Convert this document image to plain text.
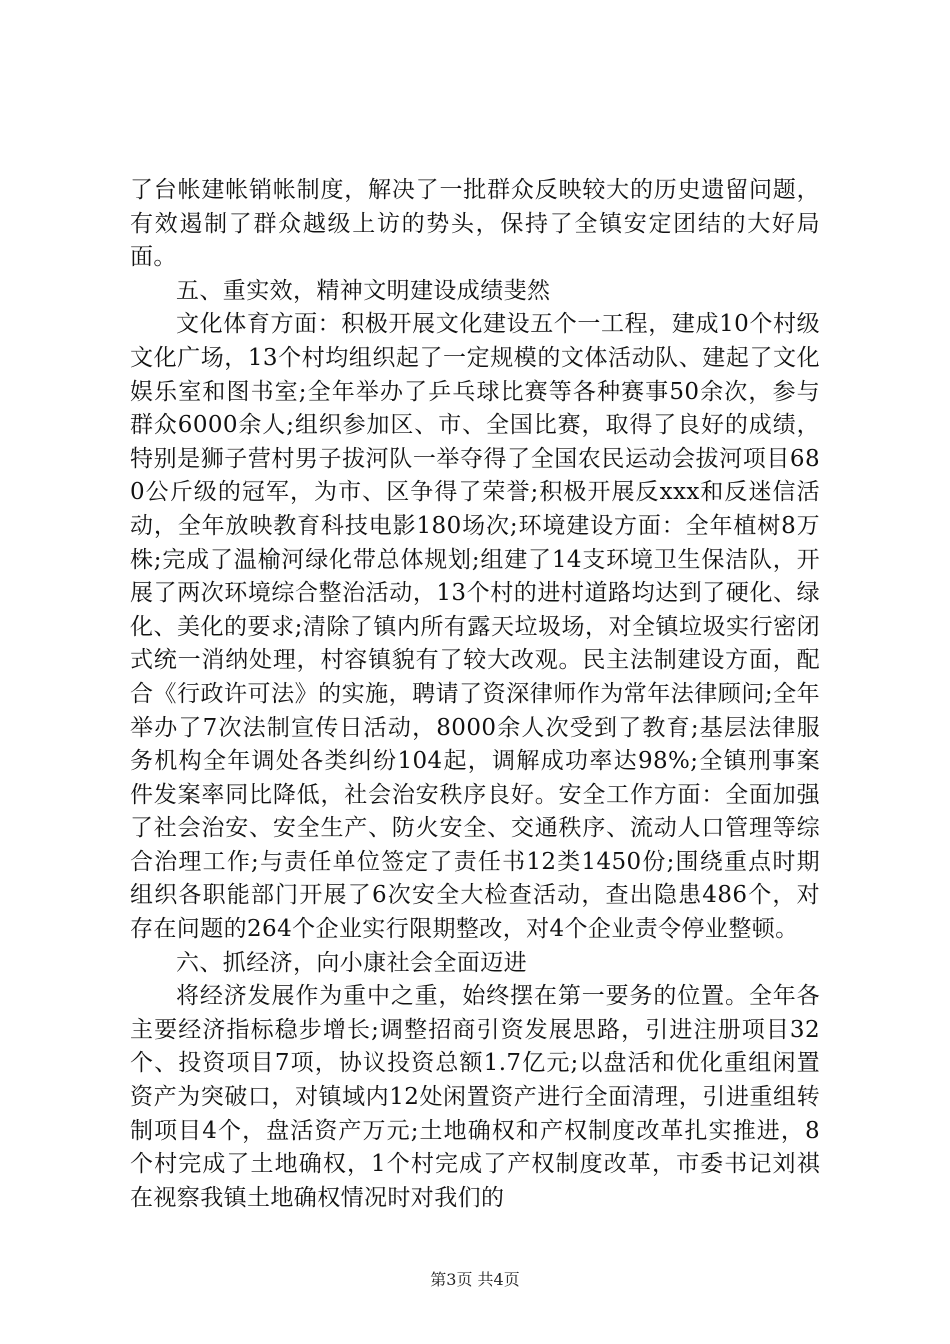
了台帐建帐销帐制度，解决了一批群众反映较大的历史遗留问题，有效遏制了群众越级上访的势头，保持了全镇安定团结的大好局面。

五、重实效，精神文明建设成绩斐然

文化体育方面：积极开展文化建设五个一工程，建成10个村级文化广场，13个村均组织起了一定规模的文体活动队、建起了文化娱乐室和图书室;全年举办了乒乓球比赛等各种赛事50余次，参与群众6000余人;组织参加区、市、全国比赛，取得了良好的成绩，特别是狮子营村男子拔河队一举夺得了全国农民运动会拔河项目680公斤级的冠军，为市、区争得了荣誉;积极开展反xxx和反迷信活动，全年放映教育科技电影180场次;环境建设方面：全年植树8万株;完成了温榆河绿化带总体规划;组建了14支环境卫生保洁队，开展了两次环境综合整治活动，13个村的进村道路均达到了硬化、绿化、美化的要求;清除了镇内所有露天垃圾场，对全镇垃圾实行密闭式统一消纳处理，村容镇貌有了较大改观。民主法制建设方面，配合《行政许可法》的实施，聘请了资深律师作为常年法律顾问;全年举办了7次法制宣传日活动，8000余人次受到了教育;基层法律服务机构全年调处各类纠纷104起，调解成功率达98%;全镇刑事案件发案率同比降低，社会治安秩序良好。安全工作方面：全面加强了社会治安、安全生产、防火安全、交通秩序、流动人口管理等综合治理工作;与责任单位签定了责任书12类1450份;围绕重点时期组织各职能部门开展了6次安全大检查活动，查出隐患486个，对存在问题的264个企业实行限期整改，对4个企业责令停业整顿。

六、抓经济，向小康社会全面迈进

将经济发展作为重中之重，始终摆在第一要务的位置。全年各主要经济指标稳步增长;调整招商引资发展思路，引进注册项目32个、投资项目7项，协议投资总额1.7亿元;以盘活和优化重组闲置资产为突破口，对镇域内12处闲置资产进行全面清理，引进重组转制项目4个，盘活资产万元;土地确权和产权制度改革扎实推进，8个村完成了土地确权，1个村完成了产权制度改革，市委书记刘祺在视察我镇土地确权情况时对我们的

第3页 共4页
